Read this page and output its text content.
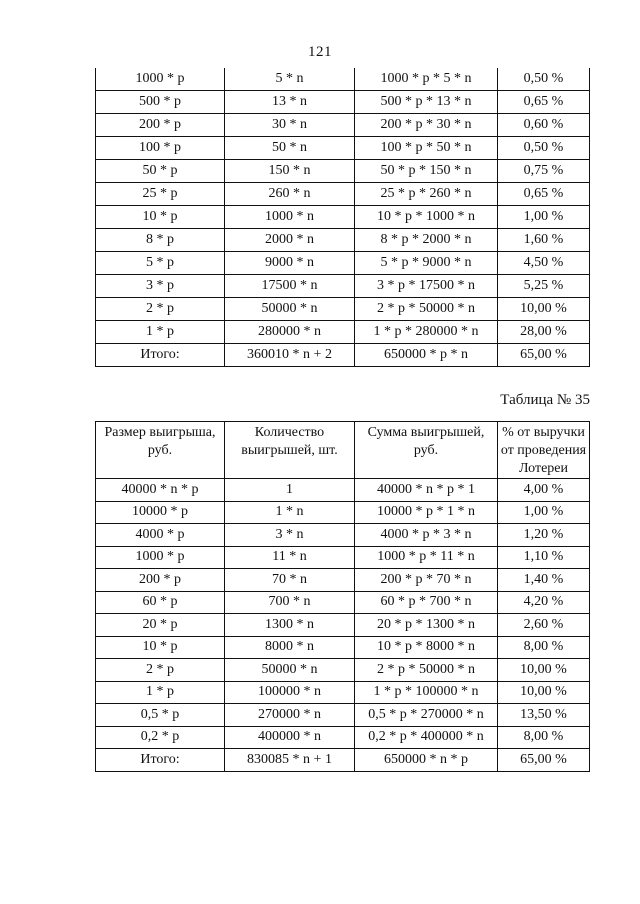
121
1000 * р	5 * n	1000 * р * 5 * n	0,50 %
500 * р	13 * n	500 * р * 13 * n	0,65 %
200 * р	30 * n	200 * р * 30 * n	0,60 %
100 * р	50 * n	100 * р * 50 * n	0,50 %
50 * р	150 * n	50 * р * 150 * n	0,75 %
25 * р	260 * n	25 * р * 260 * n	0,65 %
10 * р	1000 * n	10 * р * 1000 * n	1,00 %
8 * р	2000 * n	8 * р * 2000 * n	1,60 %
5 * р	9000 * n	5 * р * 9000 * n	4,50 %
3 * р	17500 * n	3 * р * 17500 * n	5,25 %
2 * р	50000 * n	2 * р * 50000 * n	10,00 %
1 * р	280000 * n	1 * р * 280000 * n	28,00 %
Итого:	360010 * n + 2	650000 * р * n	65,00 %
Таблица № 35
Размер выигрыша, руб.	Количество выигрышей, шт.	Сумма выигрышей, руб.	% от выручки от проведения Лотереи
40000 * n * р	1	40000 * n * р * 1	4,00 %
10000 * р	1 * n	10000 * р * 1 * n	1,00 %
4000 * р	3 * n	4000 * р * 3 * n	1,20 %
1000 * р	11 * n	1000 * р * 11 * n	1,10 %
200 * р	70 * n	200 * р * 70 * n	1,40 %
60 * р	700 * n	60 * р * 700 * n	4,20 %
20 * р	1300 * n	20 * р * 1300 * n	2,60 %
10 * р	8000 * n	10 * р * 8000 * n	8,00 %
2 * р	50000 * n	2 * р * 50000 * n	10,00 %
1 * р	100000 * n	1 * р * 100000 * n	10,00 %
0,5 * р	270000 * n	0,5 * р * 270000 * n	13,50 %
0,2 * р	400000 * n	0,2 * р * 400000 * n	8,00 %
Итого:	830085 * n + 1	650000 * n * р	65,00 %
